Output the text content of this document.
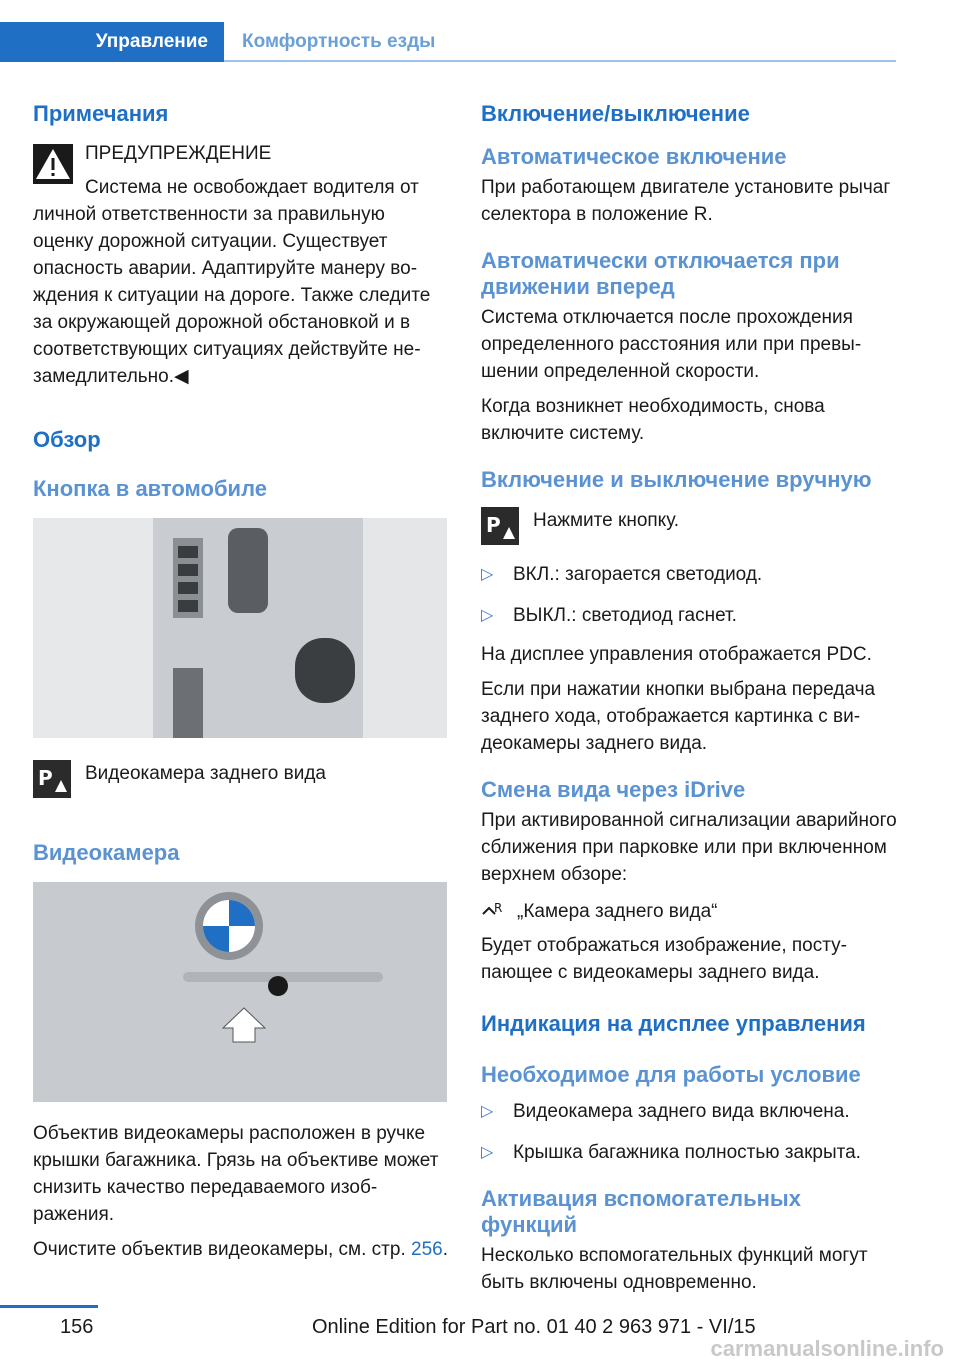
Управление	Комфортность езды
Примечания

ПРЕДУПРЕЖДЕНИЕ

Система не освобождает водителя от личной ответственности за правильную оценку дорожной ситуации. Существует опасность аварии. Адаптируйте манеру вождения к ситуации на дороге. Также следите за окружающей дорожной обстановкой и в соответствующих ситуациях действуйте незамедлительно.◀

Обзор
Кнопка в автомобиле
P Видеокамера заднего вида

Видеокамера

Объектив видеокамеры расположен в ручке крышки багажника. Грязь на объективе может снизить качество передаваемого изображения.

Очистите объектив видеокамеры, см. стр. 256.

Включение/выключение
Автоматическое включение

При работающем двигателе установите рычаг селектора в положение R.

Автоматически отключается при движении вперед

Система отключается после прохождения определенного расстояния или при превышении определенной скорости.

Когда возникнет необходимость, снова включите систему.

Включение и выключение вручную
P Нажмите кнопку.

▷ ВКЛ.: загорается светодиод.
▷ ВЫКЛ.: светодиод гаснет.

На дисплее управления отображается PDC.

Если при нажатии кнопки выбрана передача заднего хода, отображается картинка с видеокамеры заднего вида.

Смена вида через iDrive

При активированной сигнализации аварийного сближения при парковке или при включенном верхнем обзоре:

R „Камера заднего вида“

Будет отображаться изображение, поступающее с видеокамеры заднего вида.

Индикация на дисплее управления
Необходимое для работы условие
▷ Видеокамера заднего вида включена.
▷ Крышка багажника полностью закрыта.
Активация вспомогательных функций

Несколько вспомогательных функций могут быть включены одновременно.

156	Online Edition for Part no. 01 40 2 963 971 - VI/15
carmanualsonline.info
